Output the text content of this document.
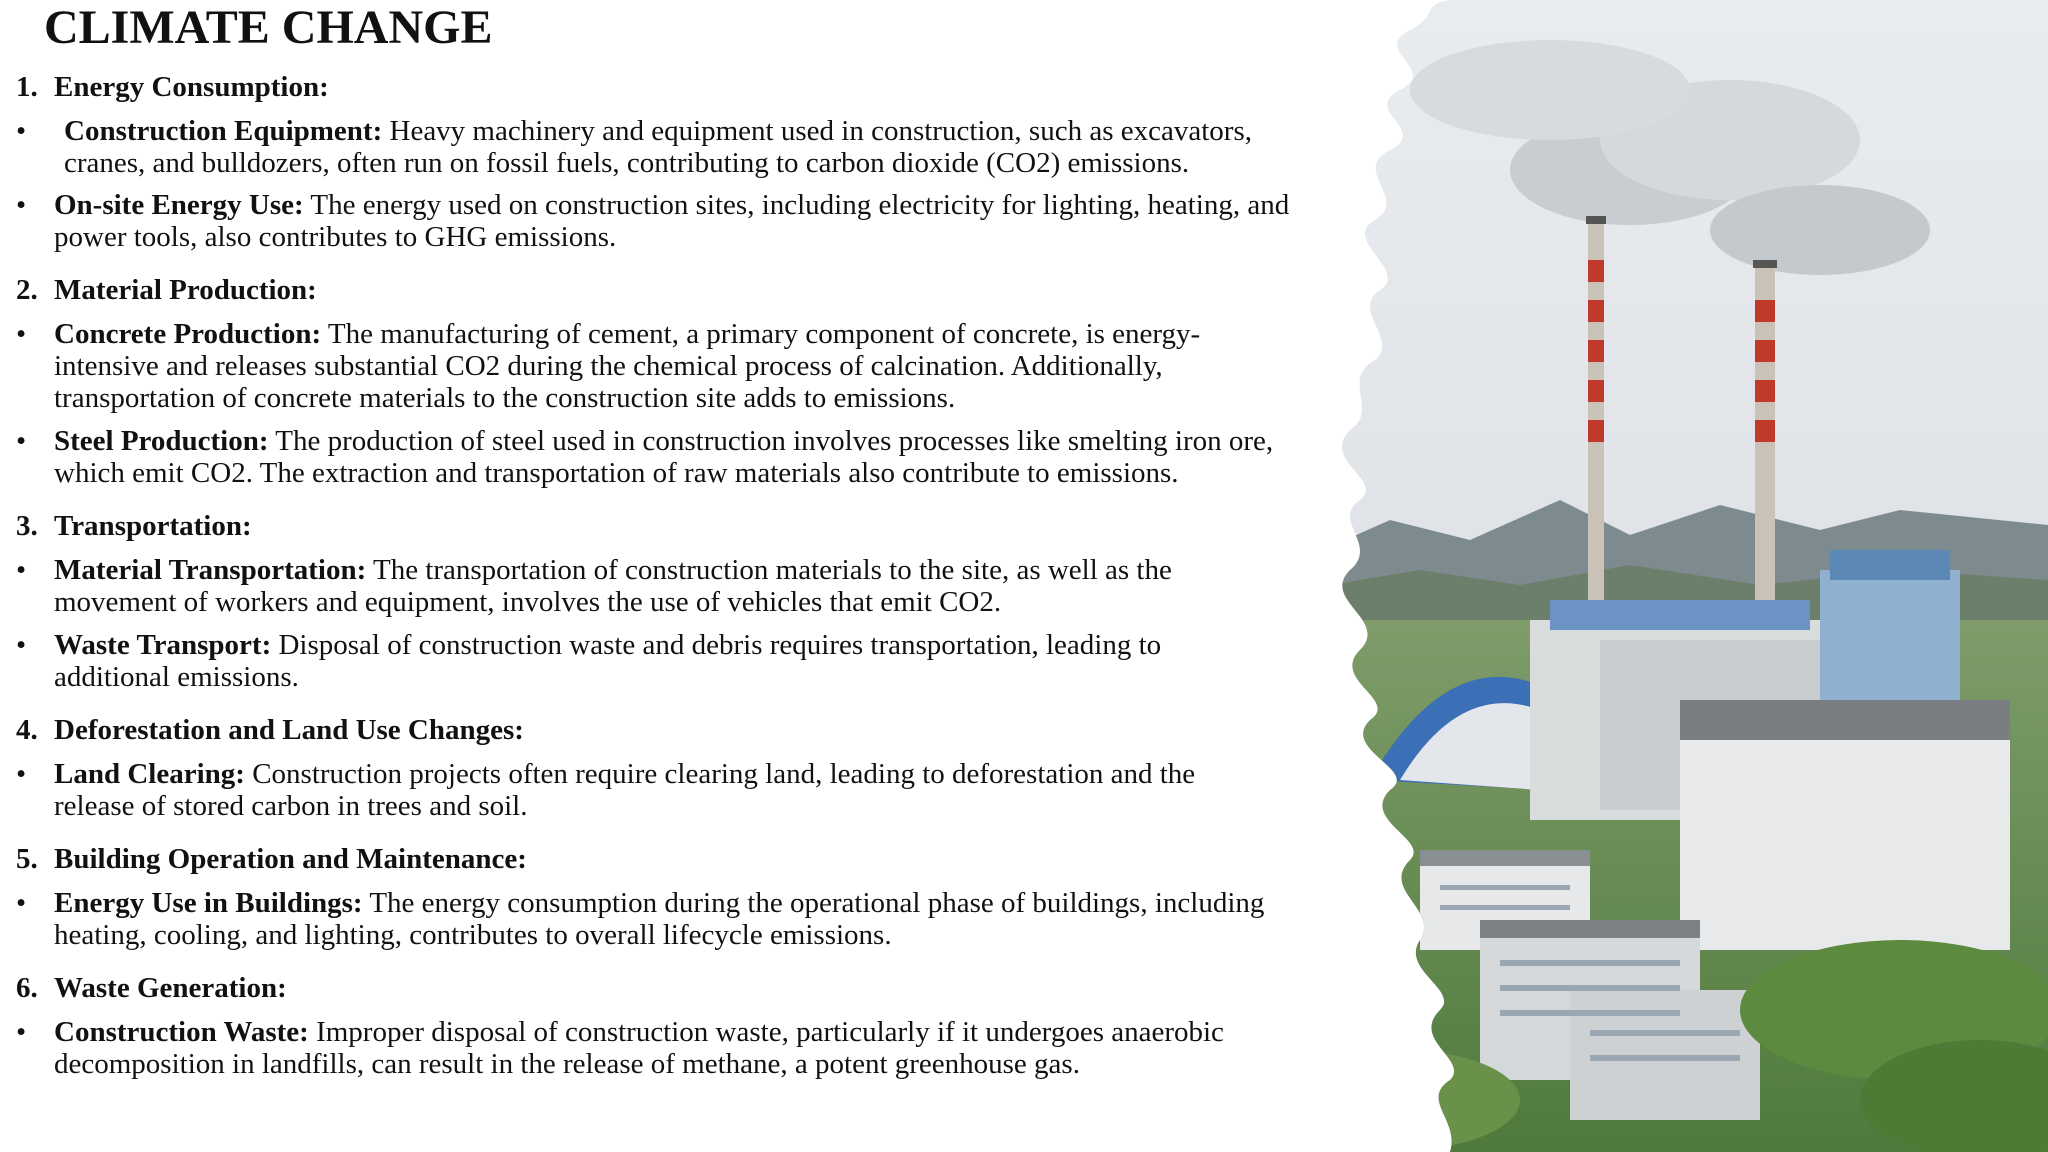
CLIMATE CHANGE
1. Energy Consumption:
•	Construction Equipment: Heavy machinery and equipment used in construction, such as excavators, cranes, and bulldozers, often run on fossil fuels, contributing to carbon dioxide (CO2) emissions.
• On-site Energy Use: The energy used on construction sites, including electricity for lighting, heating, and power tools, also contributes to GHG emissions.
2. Material Production:
• Concrete Production: The manufacturing of cement, a primary component of concrete, is energy-intensive and releases substantial CO2 during the chemical process of calcination. Additionally, transportation of concrete materials to the construction site adds to emissions.
• Steel Production: The production of steel used in construction involves processes like smelting iron ore, which emit CO2. The extraction and transportation of raw materials also contribute to emissions.
3. Transportation:
• Material Transportation: The transportation of construction materials to the site, as well as the movement of workers and equipment, involves the use of vehicles that emit CO2.
• Waste Transport: Disposal of construction waste and debris requires transportation, leading to additional emissions.
4. Deforestation and Land Use Changes:
• Land Clearing: Construction projects often require clearing land, leading to deforestation and the release of stored carbon in trees and soil.
5. Building Operation and Maintenance:
• Energy Use in Buildings: The energy consumption during the operational phase of buildings, including heating, cooling, and lighting, contributes to overall lifecycle emissions.
6. Waste Generation:
• Construction Waste: Improper disposal of construction waste, particularly if it undergoes anaerobic decomposition in landfills, can result in the release of methane, a potent greenhouse gas.
